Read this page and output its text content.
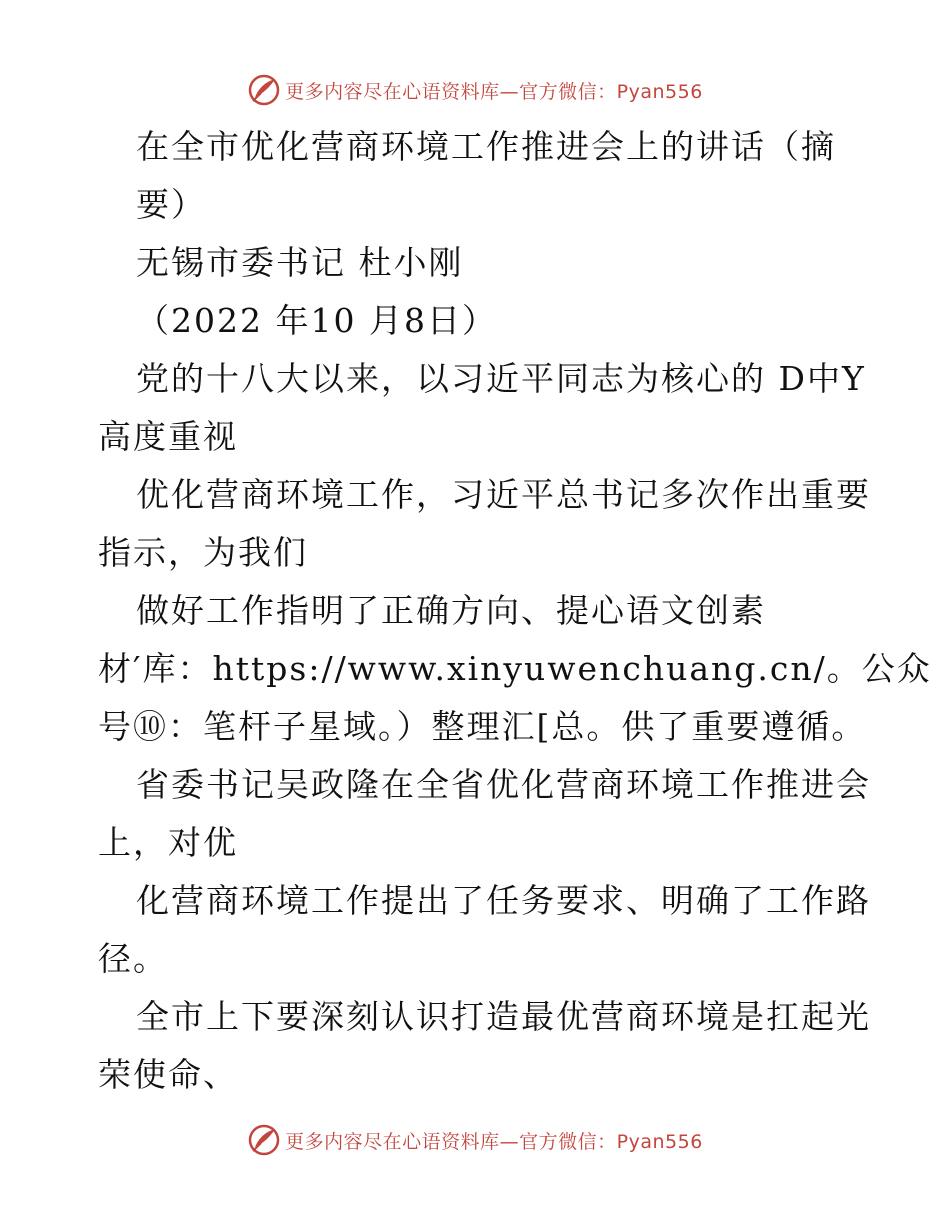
更多内容尽在心语资料库—官方微信：Pyan556
在全市优化营商环境工作推进会上的讲话（摘
要）
无锡市委书记 杜小刚
（2022 年10 月8日）
党的十八大以来，以习近平同志为核心的 D中Y
高度重视
优化营商环境工作，习近平总书记多次作出重要
指示，为我们
做好工作指明了正确方向、提心语文创素
材′库：https://www.xinyuwenchuang.cn/。公众
号⑩：笔杆子星域。）整理汇[总。供了重要遵循。
省委书记吴政隆在全省优化营商环境工作推进会
上，对优
化营商环境工作提出了任务要求、明确了工作路
径。
全市上下要深刻认识打造最优营商环境是扛起光
荣使命、
更多内容尽在心语资料库—官方微信：Pyan556
